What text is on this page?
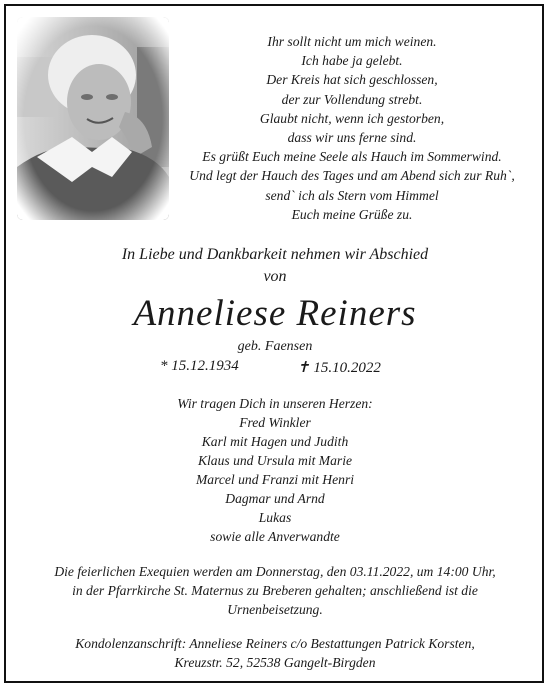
Ihr sollt nicht um mich weinen.
Ich habe ja gelebt.
Der Kreis hat sich geschlossen,
der zur Vollendung strebt.
Glaubt nicht, wenn ich gestorben,
dass wir uns ferne sind.
Es grüßt Euch meine Seele als Hauch im Sommerwind.
Und legt der Hauch des Tages und am Abend sich zur Ruh`,
send` ich als Stern vom Himmel
Euch meine Grüße zu.
In Liebe und Dankbarkeit nehmen wir Abschied
von
Anneliese Reiners
geb. Faensen
* 15.12.1934	✝ 15.10.2022
Wir tragen Dich in unseren Herzen:
Fred Winkler
Karl mit Hagen und Judith
Klaus und Ursula mit Marie
Marcel und Franzi mit Henri
Dagmar und Arnd
Lukas
sowie alle Anverwandte
Die feierlichen Exequien werden am Donnerstag, den 03.11.2022, um 14:00 Uhr,
in der Pfarrkirche St. Maternus zu Breberen gehalten; anschließend ist die
Urnenbeisetzung.
Kondolenzanschrift: Anneliese Reiners c/o Bestattungen Patrick Korsten,
Kreuzstr. 52, 52538 Gangelt-Birgden
